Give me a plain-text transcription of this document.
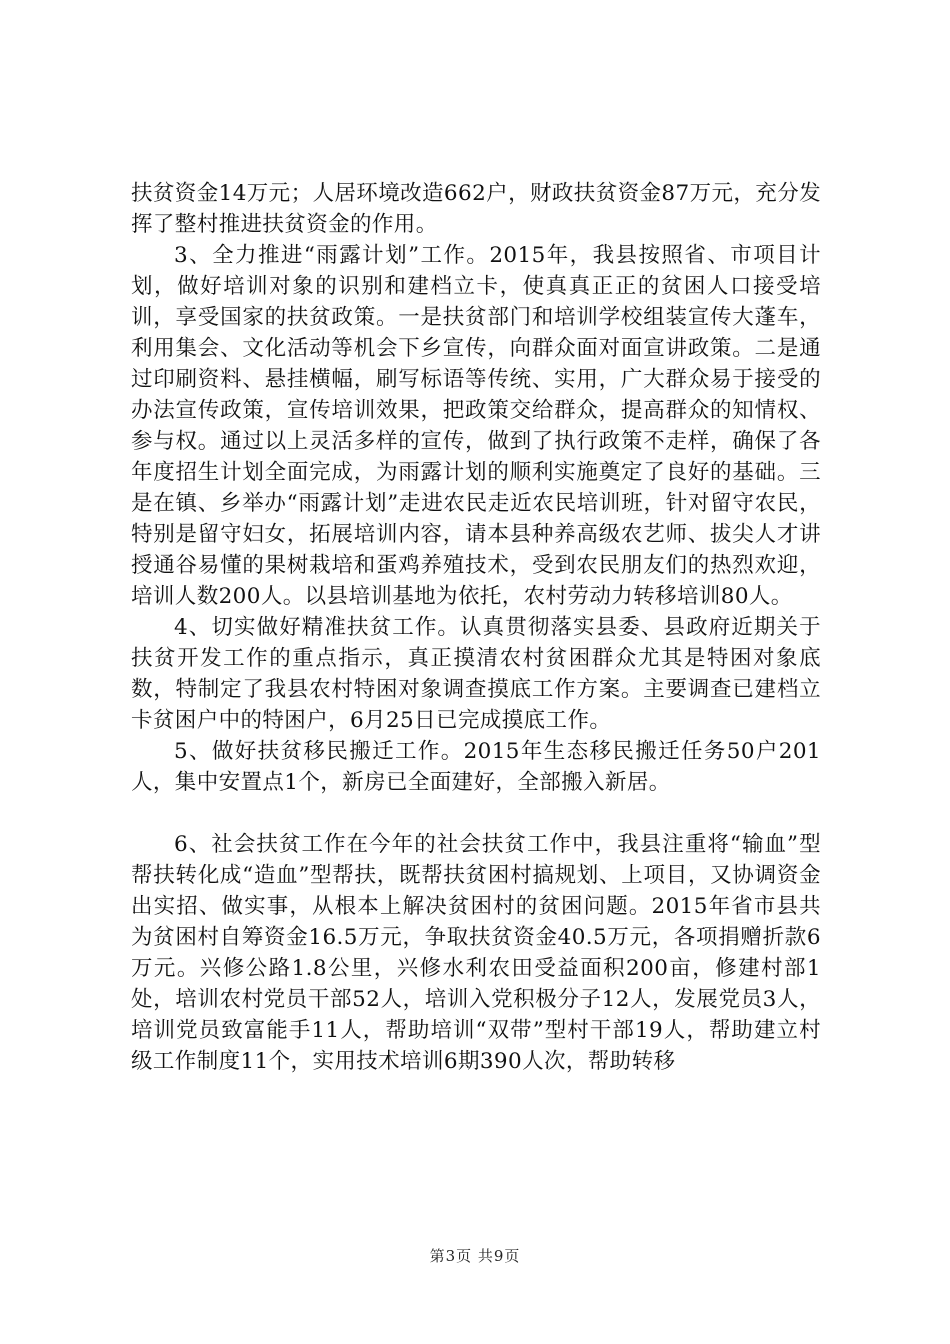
扶贫资金14万元；人居环境改造662户，财政扶贫资金87万元，充分发挥了整村推进扶贫资金的作用。

3、全力推进“雨露计划”工作。2015年，我县按照省、市项目计划，做好培训对象的识别和建档立卡，使真真正正的贫困人口接受培训，享受国家的扶贫政策。一是扶贫部门和培训学校组装宣传大蓬车，利用集会、文化活动等机会下乡宣传，向群众面对面宣讲政策。二是通过印刷资料、悬挂横幅，刷写标语等传统、实用，广大群众易于接受的办法宣传政策，宣传培训效果，把政策交给群众，提高群众的知情权、参与权。通过以上灵活多样的宣传，做到了执行政策不走样，确保了各年度招生计划全面完成，为雨露计划的顺利实施奠定了良好的基础。三是在镇、乡举办“雨露计划”走进农民走近农民培训班，针对留守农民，特别是留守妇女，拓展培训内容，请本县种养高级农艺师、拔尖人才讲授通谷易懂的果树栽培和蛋鸡养殖技术，受到农民朋友们的热烈欢迎，培训人数200人。以县培训基地为依托，农村劳动力转移培训80人。

4、切实做好精准扶贫工作。认真贯彻落实县委、县政府近期关于扶贫开发工作的重点指示，真正摸清农村贫困群众尤其是特困对象底数，特制定了我县农村特困对象调查摸底工作方案。主要调查已建档立卡贫困户中的特困户，6月25日已完成摸底工作。

5、做好扶贫移民搬迁工作。2015年生态移民搬迁任务50户201人，集中安置点1个，新房已全面建好，全部搬入新居。

6、社会扶贫工作在今年的社会扶贫工作中，我县注重将“输血”型帮扶转化成“造血”型帮扶，既帮扶贫困村搞规划、上项目，又协调资金出实招、做实事，从根本上解决贫困村的贫困问题。2015年省市县共为贫困村自筹资金16.5万元，争取扶贫资金40.5万元，各项捐赠折款6万元。兴修公路1.8公里，兴修水利农田受益面积200亩，修建村部1处，培训农村党员干部52人，培训入党积极分子12人，发展党员3人，培训党员致富能手11人，帮助培训“双带”型村干部19人，帮助建立村级工作制度11个，实用技术培训6期390人次，帮助转移

第3页 共9页
